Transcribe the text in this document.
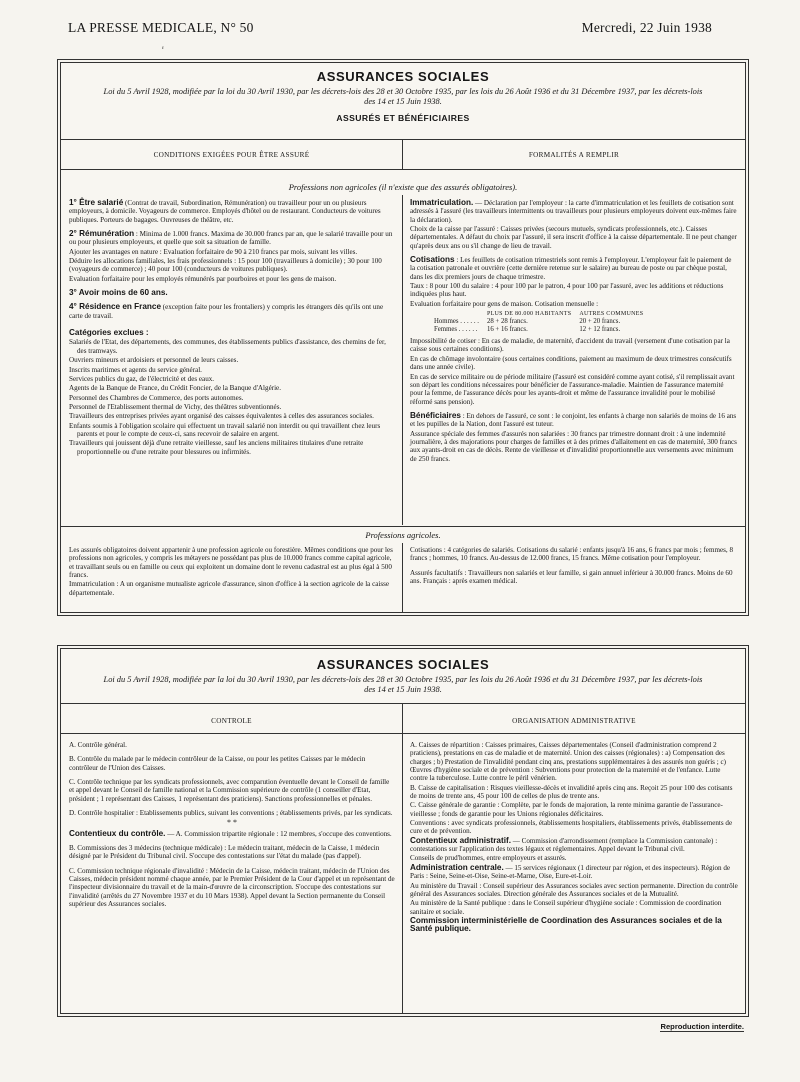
LA PRESSE MEDICALE, N° 50	Mercredi, 22 Juin 1938
ᵋ
ASSURANCES SOCIALES
Loi du 5 Avril 1928, modifiée par la loi du 30 Avril 1930, par les décrets-lois des 28 et 30 Octobre 1935, par les lois du 26 Août 1936 et du 31 Décembre 1937, par les décrets-lois des 14 et 15 Juin 1938.
ASSURÉS ET BÉNÉFICIAIRES
CONDITIONS EXIGÉES POUR ÊTRE ASSURÉ	FORMALITÉS A REMPLIR
Professions non agricoles (il n'existe que des assurés obligatoires).

1° Être salarié (Contrat de travail, Subordination, Rémunération) ou travailleur pour un ou plusieurs employeurs, à domicile. Voyageurs de commerce. Employés d'hôtel ou de restaurant. Conducteurs de voitures publiques. Porteurs de bagages. Ouvreuses de théâtre, etc.

2° Rémunération : Minima de 1.000 francs. Maxima de 30.000 francs par an, que le salarié travaille pour un ou pour plusieurs employeurs, et quelle que soit sa situation de famille.

Ajouter les avantages en nature : Evaluation forfaitaire de 90 à 210 francs par mois, suivant les villes.

Déduire les allocations familiales, les frais professionnels : 15 pour 100 (travailleurs à domicile) ; 30 pour 100 (voyageurs de commerce) ; 40 pour 100 (conducteurs de voitures publiques).

Evaluation forfaitaire pour les employés rémunérés par pourboires et pour les gens de maison.

3° Avoir moins de 60 ans.

4° Résidence en France (exception faite pour les frontaliers) y compris les étrangers dès qu'ils ont une carte de travail.

Catégories exclues :

Salariés de l'Etat, des départements, des communes, des établissements publics d'assistance, des chemins de fer, des tramways.

Ouvriers mineurs et ardoisiers et personnel de leurs caisses.

Inscrits maritimes et agents du service général.

Services publics du gaz, de l'électricité et des eaux.

Agents de la Banque de France, du Crédit Foncier, de la Banque d'Algérie.

Personnel des Chambres de Commerce, des ports autonomes.

Personnel de l'Etablissement thermal de Vichy, des théâtres subventionnés.

Travailleurs des entreprises privées ayant organisé des caisses équivalentes à celles des assurances sociales.

Enfants soumis à l'obligation scolaire qui effectuent un travail salarié non interdit ou qui travaillent chez leurs parents et pour le compte de ceux-ci, sans recevoir de salaire en argent.

Travailleurs qui jouissent déjà d'une retraite vieillesse, sauf les anciens militaires titulaires d'une retraite proportionnelle ou d'une retraite pour blessures ou infirmités.

Immatriculation. — Déclaration par l'employeur : la carte d'immatriculation et les feuillets de cotisation sont adressés à l'assuré (les travailleurs intermittents ou travailleurs pour plusieurs employeurs doivent eux-mêmes faire la déclaration).

Choix de la caisse par l'assuré : Caisses privées (secours mutuels, syndicats professionnels, etc.). Caisses départementales. A défaut du choix par l'assuré, il sera inscrit d'office à la caisse départementale. Il ne peut changer qu'après deux ans ou s'il change de lieu de travail.

Cotisations : Les feuillets de cotisation trimestriels sont remis à l'employeur. L'employeur fait le paiement de la cotisation patronale et ouvrière (cette dernière retenue sur le salaire) au bureau de poste ou par chèque postal, dans les dix premiers jours de chaque trimestre.

Taux : 8 pour 100 du salaire : 4 pour 100 par le patron, 4 pour 100 par l'assuré, avec les additions et réductions indiquées plus haut.

Evaluation forfaitaire pour gens de maison. Cotisation mensuelle :

	PLUS DE 80.000 HABITANTS	AUTRES COMMUNES
Hommes . . . . . .	28 + 28 francs.	20 + 20 francs.
Femmes . . . . . .	16 + 16 francs.	12 + 12 francs.

Impossibilité de cotiser : En cas de maladie, de maternité, d'accident du travail (versement d'une cotisation par la caisse sous certaines conditions).

En cas de chômage involontaire (sous certaines conditions, paiement au maximum de deux trimestres consécutifs dans une année civile).

En cas de service militaire ou de période militaire (l'assuré est considéré comme ayant cotisé, s'il remplissait avant son départ les conditions nécessaires pour bénéficier de l'assurance-maladie. Maintien de l'assurance maternité pour la femme, de l'assurance décès pour les ayants-droit et même de l'assurance invalidité pour le mobilisé réformé sans pension).

Bénéficiaires : En dehors de l'assuré, ce sont : le conjoint, les enfants à charge non salariés de moins de 16 ans et les pupilles de la Nation, dont l'assuré est tuteur.

Assurance spéciale des femmes d'assurés non salariées : 30 francs par trimestre donnant droit : à une indemnité journalière, à des majorations pour charges de familles et à des primes d'allaitement en cas de maternité, 300 francs aux ayants-droit en cas de décès. Rente de vieillesse et d'invalidité proportionnelle aux versements avec minimum de 250 francs.

Professions agricoles.

Les assurés obligatoires doivent appartenir à une profession agricole ou forestière. Mêmes conditions que pour les professions non agricoles, y compris les métayers ne possédant pas plus de 10.000 francs comme capital agricole, et travaillant seuls ou en famille ou ceux qui exploitent un domaine dont le revenu cadastral est au plus égal à 500 francs.

Immatriculation : A un organisme mutualiste agricole d'assurance, sinon d'office à la section agricole de la caisse départementale.

Cotisations : 4 catégories de salariés. Cotisations du salarié : enfants jusqu'à 16 ans, 6 francs par mois ; femmes, 8 francs ; hommes, 10 francs. Au-dessus de 12.000 francs, 15 francs. Même cotisation pour l'employeur.

Assurés facultatifs : Travailleurs non salariés et leur famille, si gain annuel inférieur à 30.000 francs. Moins de 60 ans. Français : après examen médical.

ASSURANCES SOCIALES
Loi du 5 Avril 1928, modifiée par la loi du 30 Avril 1930, par les décrets-lois des 28 et 30 Octobre 1935, par les lois du 26 Août 1936 et du 31 Décembre 1937, par les décrets-lois des 14 et 15 Juin 1938.
CONTROLE	ORGANISATION ADMINISTRATIVE

A. Contrôle général.

B. Contrôle du malade par le médecin contrôleur de la Caisse, ou pour les petites Caisses par le médecin contrôleur de l'Union des Caisses.

C. Contrôle technique par les syndicats professionnels, avec comparution éventuelle devant le Conseil de famille et appel devant le Conseil de famille national et la Commission supérieure de contrôle (1 conseiller d'Etat, président ; 1 représentant des Caisses, 1 représentant des praticiens). Sanctions professionnelles et pénales.

D. Contrôle hospitalier : Etablissements publics, suivant les conventions ; établissements privés, par les syndicats.

* *

Contentieux du contrôle. — A. Commission tripartite régionale : 12 membres, s'occupe des conventions.

B. Commissions des 3 médecins (technique médicale) : Le médecin traitant, médecin de la Caisse, 1 médecin désigné par le Président du Tribunal civil. S'occupe des contestations sur l'état du malade (pas d'appel).

C. Commission technique régionale d'invalidité : Médecin de la Caisse, médecin traitant, médecin de l'Union des Caisses, médecin président nommé chaque année, par le Premier Président de la Cour d'appel et un représentant de l'inspecteur divisionnaire du travail et de la main-d'œuvre de la circonscription. S'occupe des contestations sur l'invalidité (arrêtés du 27 Novembre 1937 et du 10 Mars 1938). Appel devant la Section permanente du Conseil supérieur des Assurances sociales.

A. Caisses de répartition : Caisses primaires, Caisses départementales (Conseil d'administration comprend 2 praticiens), prestations en cas de maladie et de maternité. Union des caisses (régionales) : a) Compensation des charges ; b) Prestation de l'invalidité pendant cinq ans, prestations supplémentaires à des assurés non guéris ; c) Œuvres d'hygiène sociale et de prévention : Subventions pour protection de la maternité et de l'enfance. Lutte contre la tuberculose. Lutte contre le péril vénérien.

B. Caisse de capitalisation : Risques vieillesse-décès et invalidité après cinq ans. Reçoit 25 pour 100 des cotisants de moins de trente ans, 45 pour 100 de celles de plus de trente ans.

C. Caisse générale de garantie : Complète, par le fonds de majoration, la rente minima garantie de l'assurance-vieillesse ; fonds de garantie pour les Unions régionales déficitaires.

Conventions : avec syndicats professionnels, établissements hospitaliers, établissements privés, établissements de cure et de prévention.

Contentieux administratif. — Commission d'arrondissement (remplace la Commission cantonale) : contestations sur l'application des textes légaux et réglementaires. Appel devant le Tribunal civil.

Conseils de prud'hommes, entre employeurs et assurés.

Administration centrale. — 15 services régionaux (1 directeur par région, et des inspecteurs). Région de Paris : Seine, Seine-et-Oise, Seine-et-Marne, Oise, Eure-et-Loir.

Au ministère du Travail : Conseil supérieur des Assurances sociales avec section permanente. Direction du contrôle général des Assurances sociales. Direction générale des Assurances sociales et de la Mutualité.

Au ministère de la Santé publique : dans le Conseil supérieur d'hygiène sociale : Commission de coordination sanitaire et sociale.

Commission interministérielle de Coordination des Assurances sociales et de la Santé publique.

Reproduction interdite.
